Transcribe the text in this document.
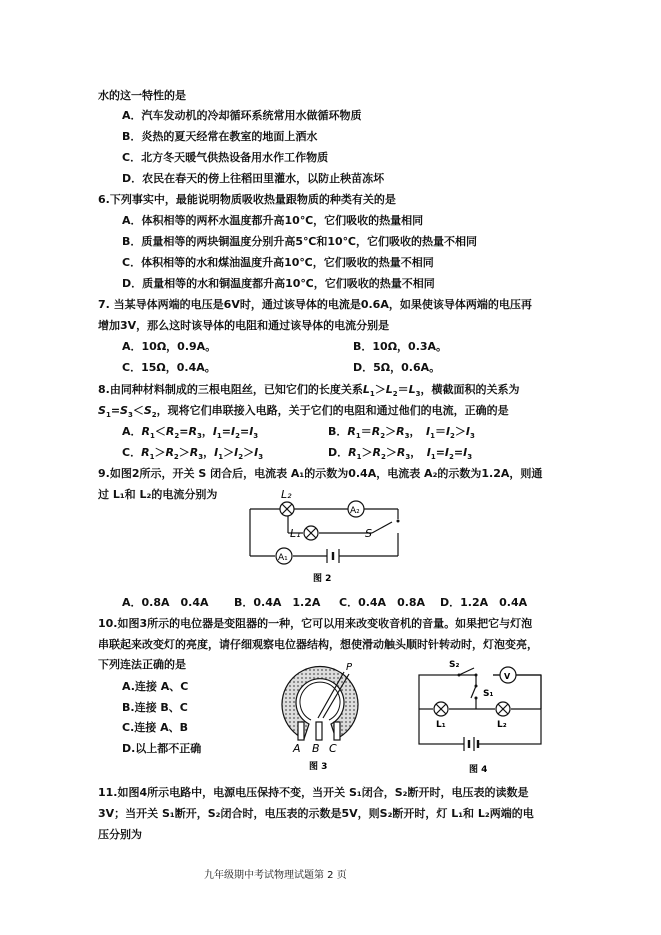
水的这一特性的是
A．汽车发动机的冷却循环系统常用水做循环物质
B．炎热的夏天经常在教室的地面上洒水
C．北方冬天暖气供热设备用水作工作物质
D．农民在春天的傍上往稻田里灌水，以防止秧苗冻坏
6.下列事实中，最能说明物质吸收热量跟物质的种类有关的是
A．体积相等的两杯水温度都升高10℃，它们吸收的热量相同
B．质量相等的两块铜温度分别升高5℃和10℃，它们吸收的热量不相同
C．体积相等的水和煤油温度升高10℃，它们吸收的热量不相同
D．质量相等的水和铜温度都升高10℃，它们吸收的热量不相同
7. 当某导体两端的电压是6V时，通过该导体的电流是0.6A，如果使该导体两端的电压再
增加3V，那么这时该导体的电阻和通过该导体的电流分别是
A．10Ω，0.9A。	B．10Ω，0.3A。
C．15Ω，0.4A。	D．5Ω，0.6A。
8.由同种材料制成的三根电阻丝，已知它们的长度关系$L_1>L_2=L_3$，横截面积的关系为
$S_1=S_3<S_2$，现将它们串联接入电路，关于它们的电阻和通过他们的电流，正确的是
A．$R_1<R_2=R_3$，$I_1=I_2=I_3$	B．$R_1=R_2>R_3$，　$I_1=I_2>I_3$
C．$R_1>R_2>R_3$，$I_1>I_2>I_3$	D．$R_1>R_2>R_3$，　$I_1=I_2=I_3$
9.如图2所示，开关 S 闭合后，电流表 A₁的示数为0.4A，电流表 A₂的示数为1.2A，则通
过 L₁和 L₂的电流分别为	L₂
L₁
A₂
A₁
S
图 2
A．0.8A　0.4A B．0.4A　1.2A C．0.4A　0.8A D．1.2A　0.4A
10.如图3所示的电位器是变阻器的一种，它可以用来改变收音机的音量。如果把它与灯泡
串联起来改变灯的亮度，请仔细观察电位器结构，想使滑动触头顺时针转动时，灯泡变亮，
下列连法正确的是
A.连接 A、C
B.连接 B、C
C.连接 A、B
D.以上都不正确
P
A B C
图 3
S₂
S₁
V
L₁	L₂
图 4
11.如图4所示电路中，电源电压保持不变，当开关 S₁闭合，S₂断开时，电压表的读数是
3V；当开关 S₁断开，S₂闭合时，电压表的示数是5V，则S₂断开时，灯 L₁和 L₂两端的电
压分别为
九年级期中考试物理试题第 2 页
